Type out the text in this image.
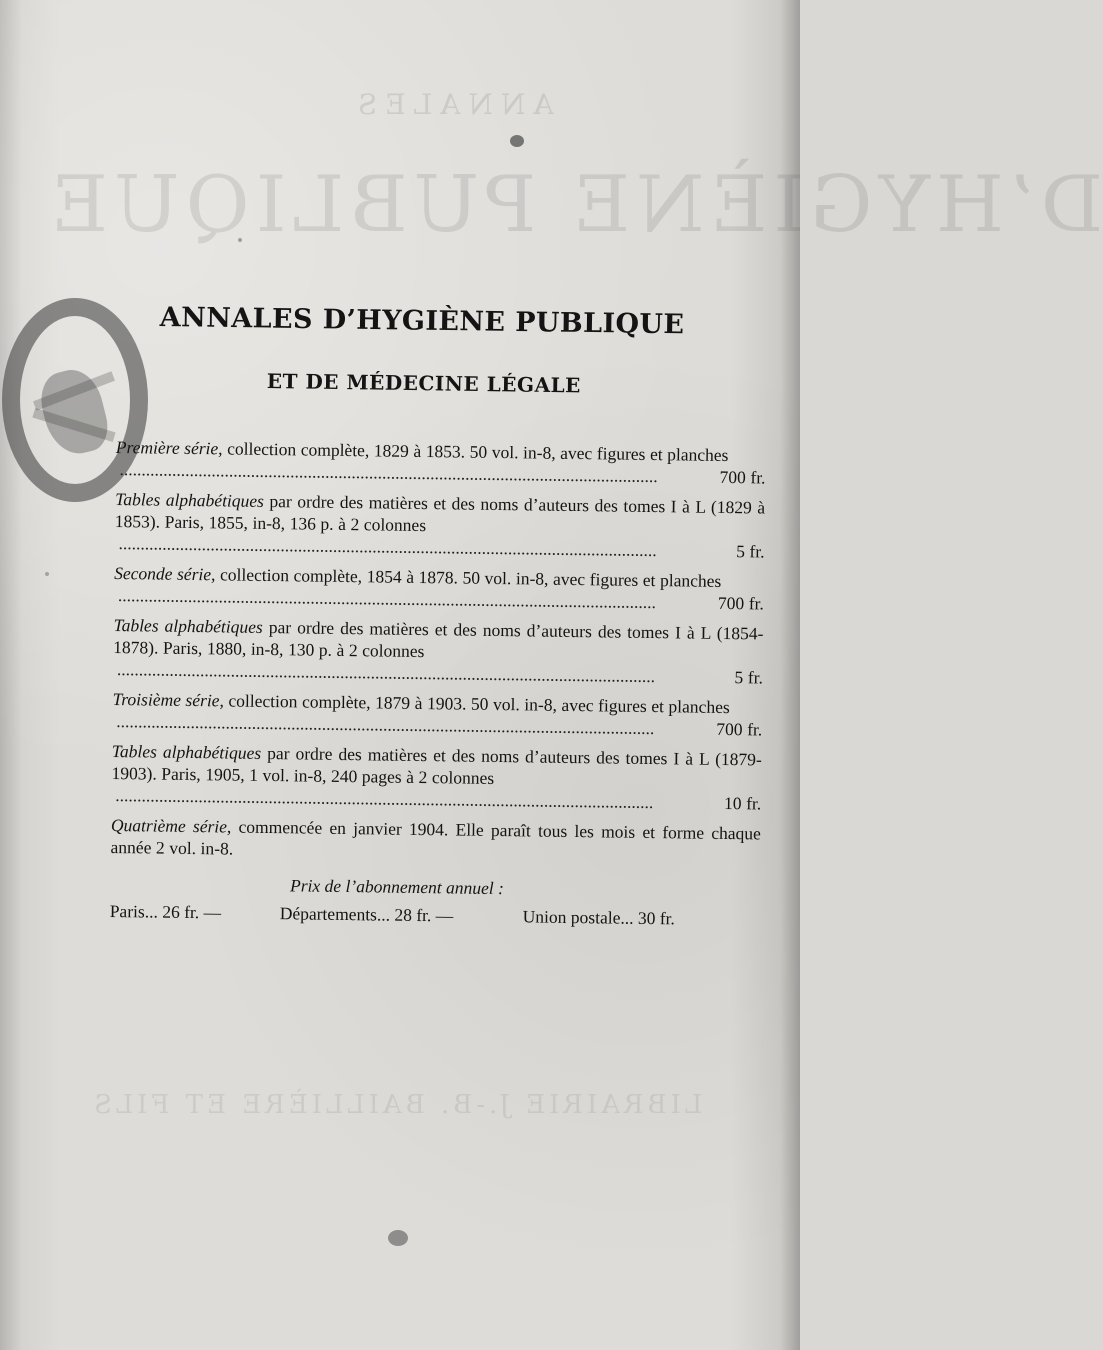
ANNALES
D’HYGIÈNE PUBLIQUE
LIBRAIRIE J.-B. BAILLIÈRE ET FILS
ANNALES D’HYGIÈNE PUBLIQUE
ET DE MÉDECINE LÉGALE
Première série, collection complète, 1829 à 1853. 50 vol. in-8, avec figures et planches
...........................................................................................................................	700 fr.
Tables alphabétiques par ordre des matières et des noms d’auteurs des tomes I à L (1829 à 1853). Paris, 1855, in-8, 136 p. à 2 colonnes
...........................................................................................................................	5 fr.
Seconde série, collection complète, 1854 à 1878. 50 vol. in-8, avec figures et planches
...........................................................................................................................	700 fr.
Tables alphabétiques par ordre des matières et des noms d’auteurs des tomes I à L (1854-1878). Paris, 1880, in-8, 130 p. à 2 colonnes
...........................................................................................................................	5 fr.
Troisième série, collection complète, 1879 à 1903. 50 vol. in-8, avec figures et planches
...........................................................................................................................	700 fr.
Tables alphabétiques par ordre des matières et des noms d’auteurs des tomes I à L (1879-1903). Paris, 1905, 1 vol. in-8, 240 pages à 2 colonnes
...........................................................................................................................	10 fr.
Quatrième série, commencée en janvier 1904. Elle paraît tous les mois et forme chaque année 2 vol. in-8.
Prix de l’abonnement annuel :
Paris... 26 fr. —	Départements... 28 fr. —	Union postale... 30 fr.
